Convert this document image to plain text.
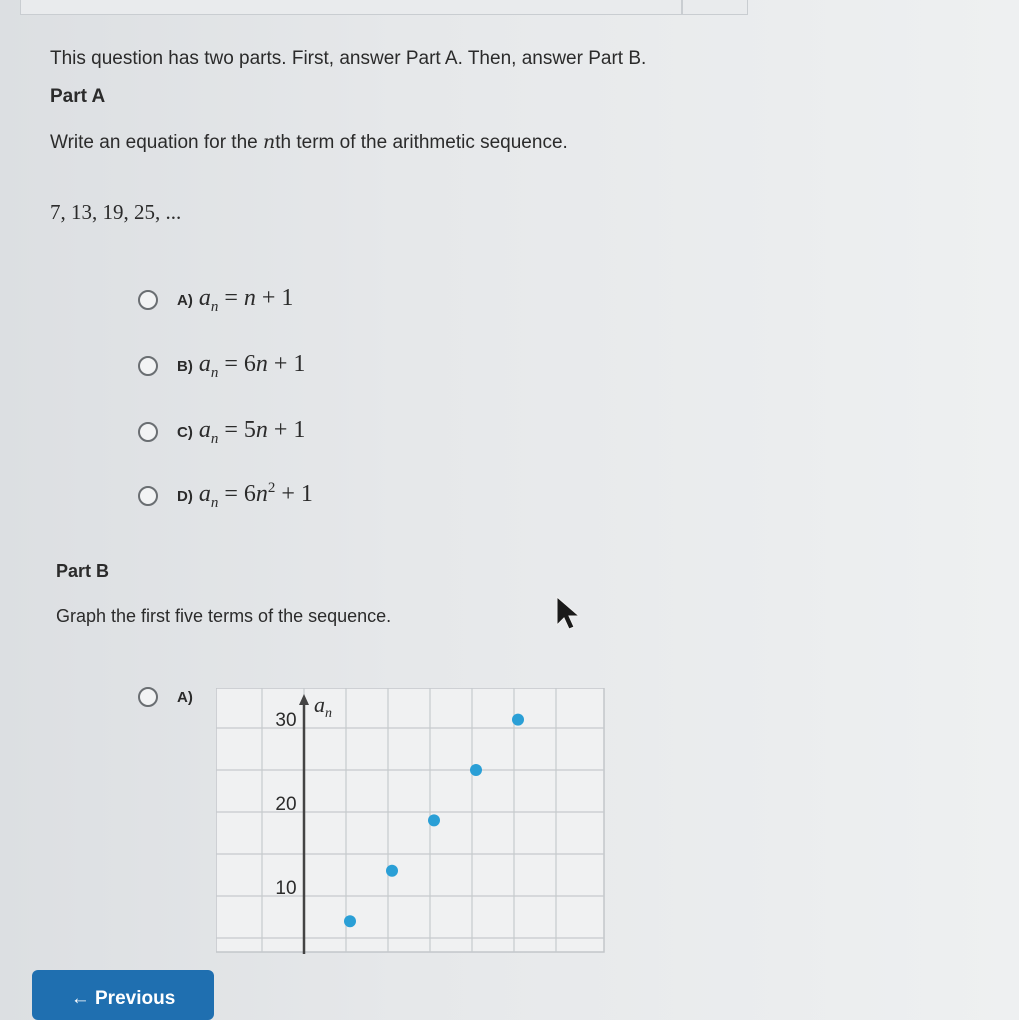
This question has two parts. First, answer Part A. Then, answer Part B.
Part A
Write an equation for the nth term of the arithmetic sequence.
7, 13, 19, 25, ...
A) $a_n = n + 1$
B) $a_n = 6n + 1$
C) $a_n = 5n + 1$
D) $a_n = 6n^2 + 1$
Part B
Graph the first five terms of the sequence.
A)	$a_n$
30
20
10
← Previous
